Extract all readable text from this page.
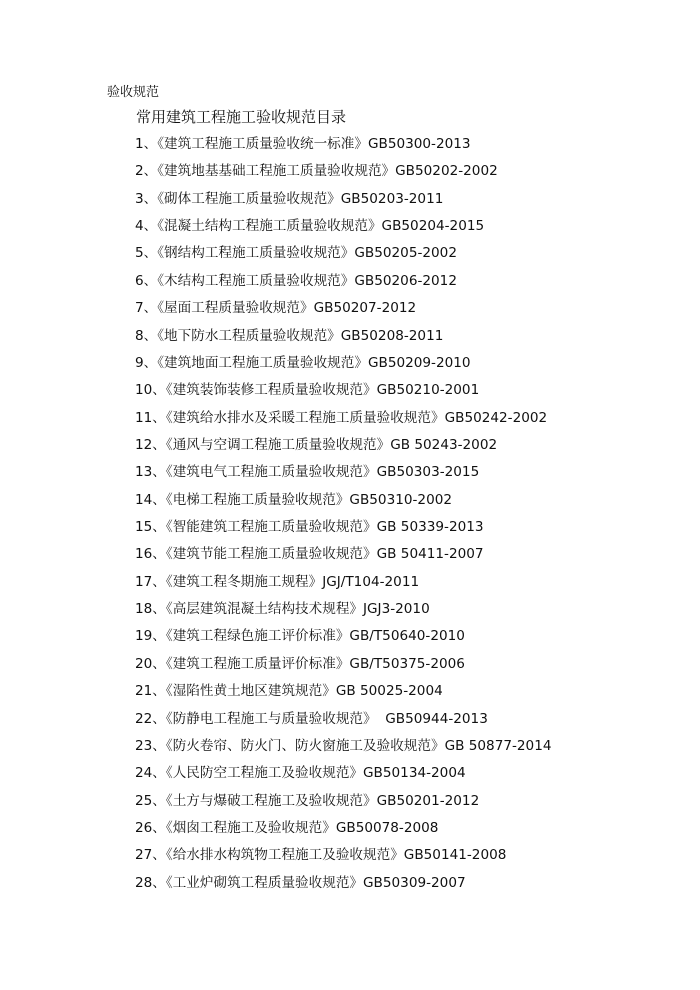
验收规范
常用建筑工程施工验收规范目录
1、《建筑工程施工质量验收统一标准》GB50300-2013
2、《建筑地基基础工程施工质量验收规范》GB50202-2002
3、《砌体工程施工质量验收规范》GB50203-2011
4、《混凝土结构工程施工质量验收规范》GB50204-2015
5、《钢结构工程施工质量验收规范》GB50205-2002
6、《木结构工程施工质量验收规范》GB50206-2012
7、《屋面工程质量验收规范》GB50207-2012
8、《地下防水工程质量验收规范》GB50208-2011
9、《建筑地面工程施工质量验收规范》GB50209-2010
10、《建筑装饰装修工程质量验收规范》GB50210-2001
11、《建筑给水排水及采暖工程施工质量验收规范》GB50242-2002
12、《通风与空调工程施工质量验收规范》GB 50243-2002
13、《建筑电气工程施工质量验收规范》GB50303-2015
14、《电梯工程施工质量验收规范》GB50310-2002
15、《智能建筑工程施工质量验收规范》GB 50339-2013
16、《建筑节能工程施工质量验收规范》GB 50411-2007
17、《建筑工程冬期施工规程》JGJ/T104-2011
18、《高层建筑混凝土结构技术规程》JGJ3-2010
19、《建筑工程绿色施工评价标准》GB/T50640-2010
20、《建筑工程施工质量评价标准》GB/T50375-2006
21、《湿陷性黄土地区建筑规范》GB 50025-2004
22、《防静电工程施工与质量验收规范》  GB50944-2013
23、《防火卷帘、防火门、防火窗施工及验收规范》GB 50877-2014
24、《人民防空工程施工及验收规范》GB50134-2004
25、《土方与爆破工程施工及验收规范》GB50201-2012
26、《烟囱工程施工及验收规范》GB50078-2008
27、《给水排水构筑物工程施工及验收规范》GB50141-2008
28、《工业炉砌筑工程质量验收规范》GB50309-2007
